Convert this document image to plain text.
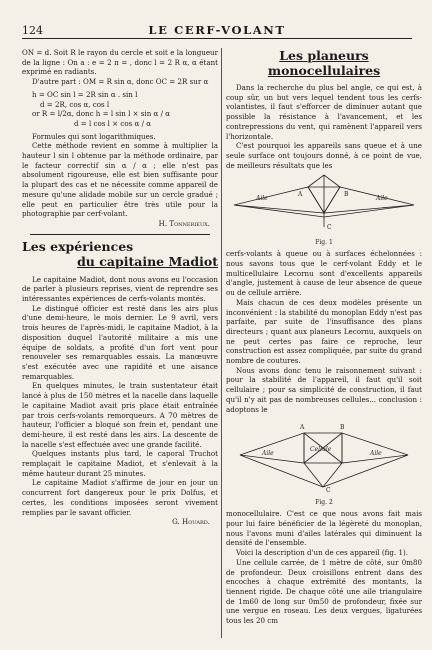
124	LE CERF-VOLANT

ON = d. Soit R le rayon du cercle et soit e la longueur de la ligne : On a : e = 2 π = , donc l = 2 R α, α étant exprimé en radiants.

D'autre part : OM = R sin α, donc OC = 2R sur α

h = OC sin l = 2R sin α . sin l

d = 2R, cos α, cos l

or R = l/2α, donc h = l sin l × sin α / α

d = l cos l × cos α / α

Formules qui sont logarithmiques.

Cette méthode revient en somme à multiplier la hauteur l sin l obtenue par la méthode ordinaire, par le facteur correctif sin α / α ; elle n'est pas absolument rigoureuse, elle est bien suffisante pour la plupart des cas et ne nécessite comme appareil de mesure qu'une alidade mobile sur un cercle gradué ; elle peut en particulier être très utile pour la photographie par cerf-volant.

H. Tonnerieux.

Les expériences

du capitaine Madiot

Le capitaine Madiot, dont nous avons eu l'occasion de parler à plusieurs reprises, vient de reprendre ses intéressantes expériences de cerfs-volants montés.

Le distingué officier est resté dans les airs plus d'une demi-heure, le mois dernier. Le 9 avril, vers trois heures de l'après-midi, le capitaine Madiot, à la disposition duquel l'autorité militaire a mis une équipe de soldats, a profité d'un fort vent pour renouveler ses remarquables essais. La manœuvre s'est exécutée avec une rapidité et une aisance remarquables.

En quelques minutes, le train sustentateur était lancé à plus de 150 mètres et la nacelle dans laquelle le capitaine Madiot avait pris place était entraînée par trois cerfs-volants remorqueurs. A 70 mètres de hauteur, l'officier a bloqué son frein et, pendant une demi-heure, il est resté dans les airs. La descente de la nacelle s'est effectuée avec une grande facilité.

Quelques instants plus tard, le caporal Truchot remplaçait le capitaine Madiot, et s'enlevait à la même hauteur durant 25 minutes.

Le capitaine Madiot s'affirme de jour en jour un concurrent fort dangereux pour le prix Dolfus, et certes, les conditions imposées seront vivement remplies par le savant officier.

G. Houard.

Les planeurs monocellulaires

Dans la recherche du plus bel angle, ce qui est, à coup sûr, un but vers lequel tendent tous les cerfs-volantistes, il faut s'efforcer de diminuer autant que possible la résistance à l'avancement, et les contrepressions du vent, qui ramènent l'appareil vers l'horizontale.

C'est pourquoi les appareils sans queue et à une seule surface ont toujours donné, à ce point de vue, de meilleurs résultats que les

Aile
A	B
Aile
C

Fig. 1

cerfs-volants à queue ou à surfaces échelonnées : nous savons tous que le cerf-volant Eddy et le multicellulaire Lecornu sont d'excellents appareils d'angle, justement à cause de leur absence de queue ou de cellule arrière.

Mais chacun de ces deux modèles présente un inconvénient : la stabilité du monoplan Eddy n'est pas parfaite, par suite de l'insuffisance des plans directeurs ; quant aux planeurs Lecornu, auxquels on ne peut certes pas faire ce reproche, leur construction est assez compliquée, par suite du grand nombre de coutures.

Nous avons donc tenu le raisonnement suivant : pour la stabilité de l'appareil, il faut qu'il soit cellulaire ; pour sa simplicité de construction, il faut qu'il n'y ait pas de nombreuses cellules... conclusion : adoptons le

A	B
Aile
Cellule
Aile
C

Fig. 2

monocellulaire. C'est ce que nous avons fait mais pour lui faire bénéficier de la légèreté du monoplan, nous l'avons muni d'ailes latérales qui diminuent la densité de l'ensemble.

Voici la description d'un de ces appareil (fig. 1).

Une cellule carrée, de 1 mètre de côté, sur 0m80 de profondeur. Deux croisillons entrent dans des encoches à chaque extrémité des montants, la tiennent rigide. De chaque côté une aile triangulaire de 1m60 de long sur 0m50 de profondeur, fixée sur une vergue en roseau. Les deux vergues, ligaturées tous les 20 cm
